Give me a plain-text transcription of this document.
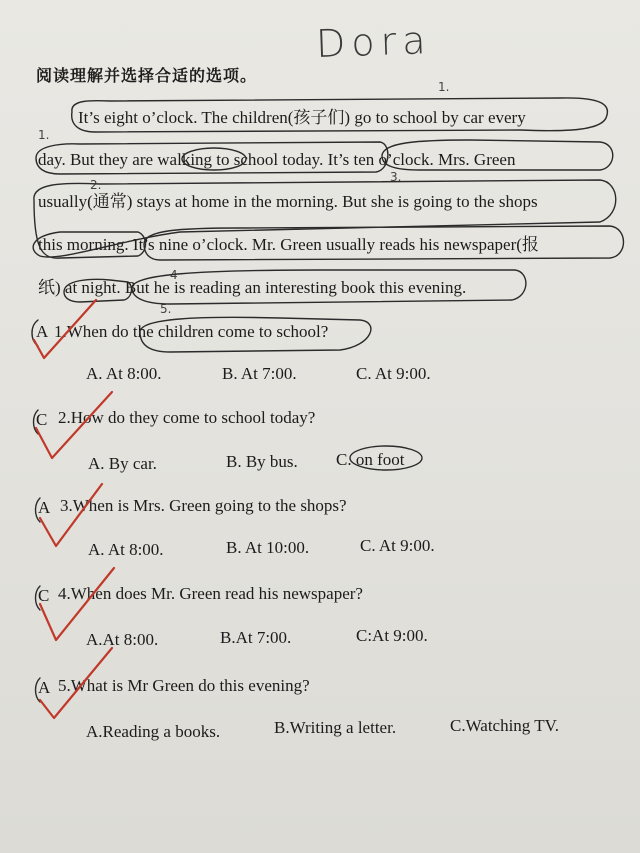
阅读理解并选择合适的选项。
Dora
It’s eight o’clock. The children(孩子们) go to school by car every
day. But they are walking to school today. It’s ten o’clock. Mrs. Green
usually(通常) stays at home in the morning. But she is going to the shops
this morning. It’s nine o’clock. Mr. Green usually reads his newspaper(报
纸) at night. But he is reading an interesting book this evening.
1.
2.
3.
4
5.
1.
A 1.When do the children come to school?
A. At 8:00.	B. At 7:00.	C. At 9:00.
C 2.How do they come to school today?
A. By car.	B. By bus. C. on foot
A 3.When is Mrs. Green going to the shops?
A. At 8:00.	B. At 10:00.	C. At 9:00.
C 4.When does Mr. Green read his newspaper?
A.At 8:00.	B.At 7:00.	C:At 9:00.
A 5.What is Mr Green do this evening?
A.Reading a books.	B.Writing a letter.	C.Watching TV.
